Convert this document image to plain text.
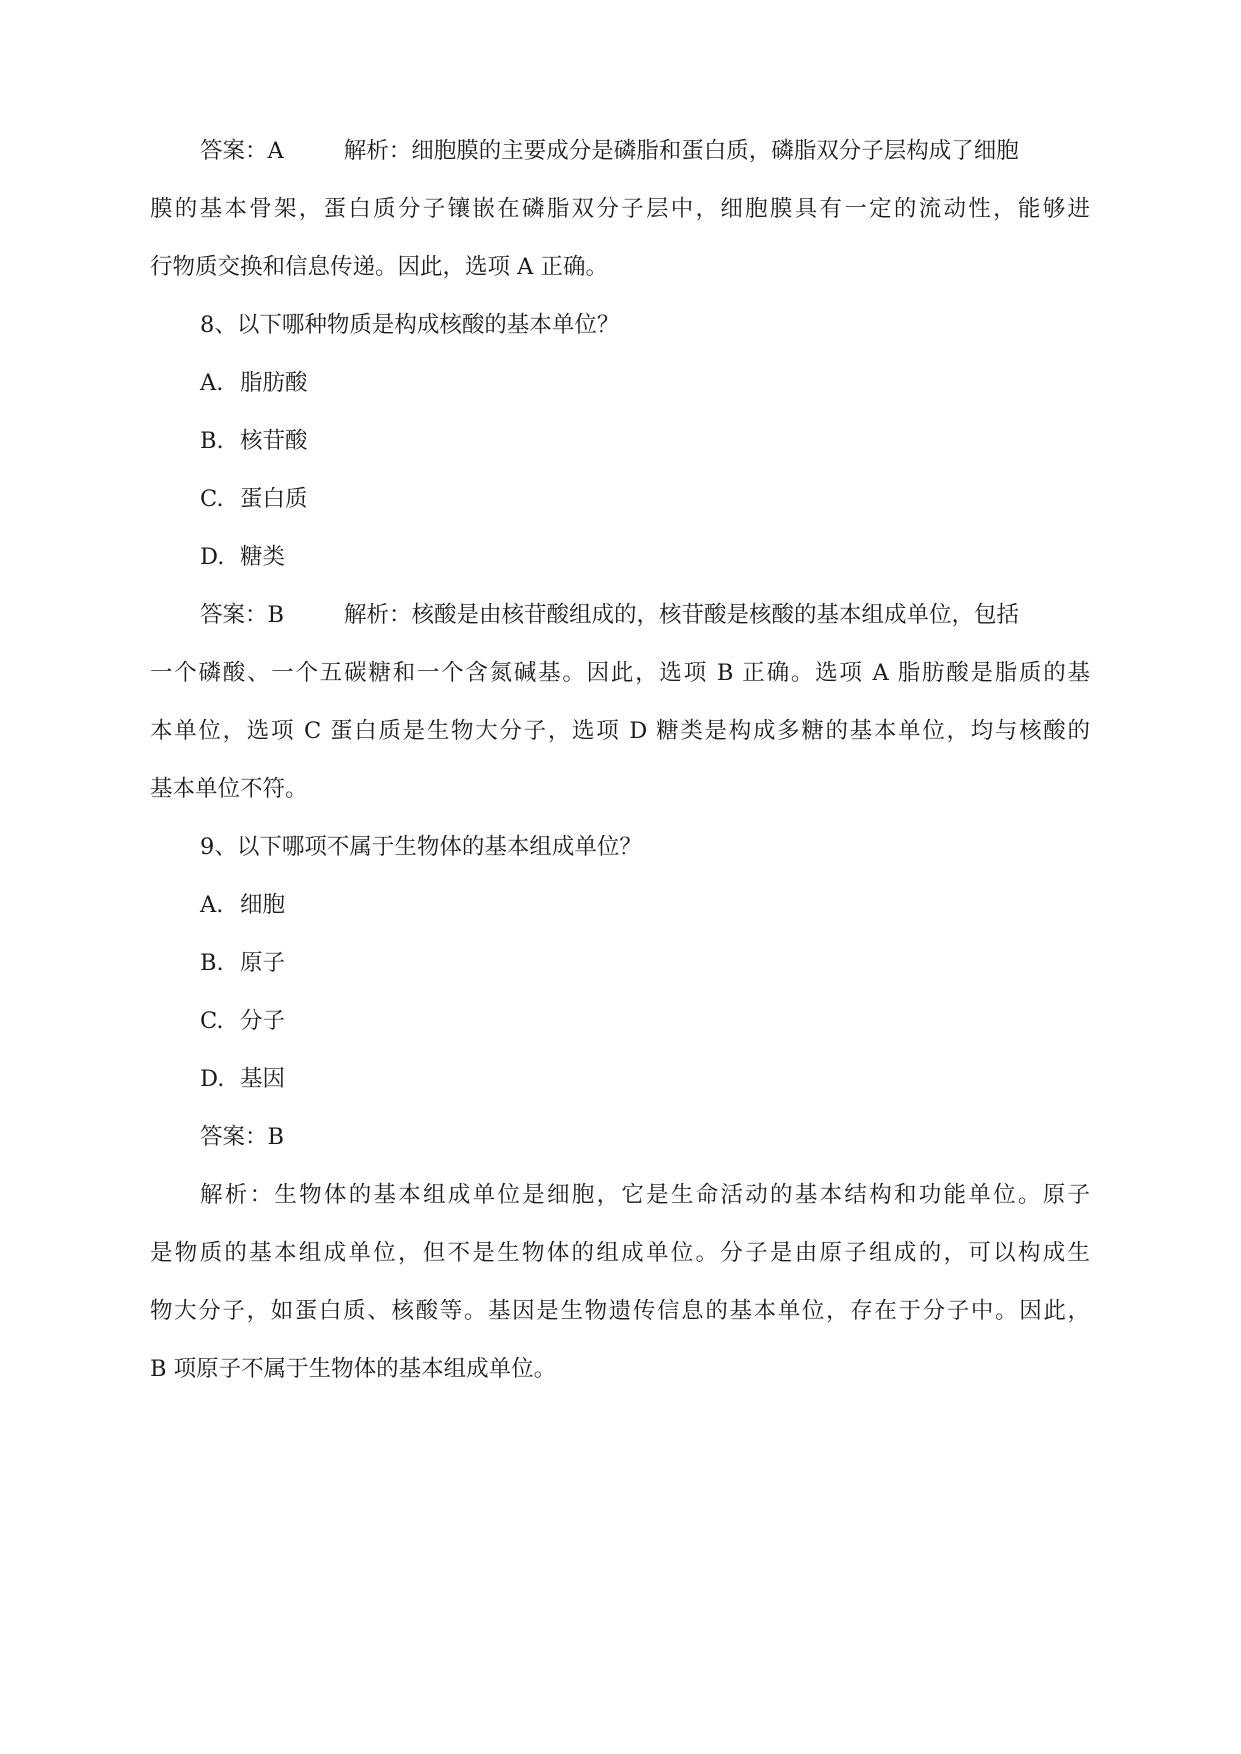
答案：A	解析：细胞膜的主要成分是磷脂和蛋白质，磷脂双分子层构成了细胞
膜的基本骨架，蛋白质分子镶嵌在磷脂双分子层中，细胞膜具有一定的流动性，能够进
行物质交换和信息传递。因此，选项 A 正确。
8、以下哪种物质是构成核酸的基本单位？
A. 脂肪酸
B. 核苷酸
C. 蛋白质
D. 糖类
答案：B	解析：核酸是由核苷酸组成的，核苷酸是核酸的基本组成单位，包括
一个磷酸、一个五碳糖和一个含氮碱基。因此，选项 B 正确。选项 A 脂肪酸是脂质的基
本单位，选项 C 蛋白质是生物大分子，选项 D 糖类是构成多糖的基本单位，均与核酸的
基本单位不符。
9、以下哪项不属于生物体的基本组成单位？
A. 细胞
B. 原子
C. 分子
D. 基因
答案：B
解析：生物体的基本组成单位是细胞，它是生命活动的基本结构和功能单位。原子
是物质的基本组成单位，但不是生物体的组成单位。分子是由原子组成的，可以构成生
物大分子，如蛋白质、核酸等。基因是生物遗传信息的基本单位，存在于分子中。因此，
B 项原子不属于生物体的基本组成单位。
